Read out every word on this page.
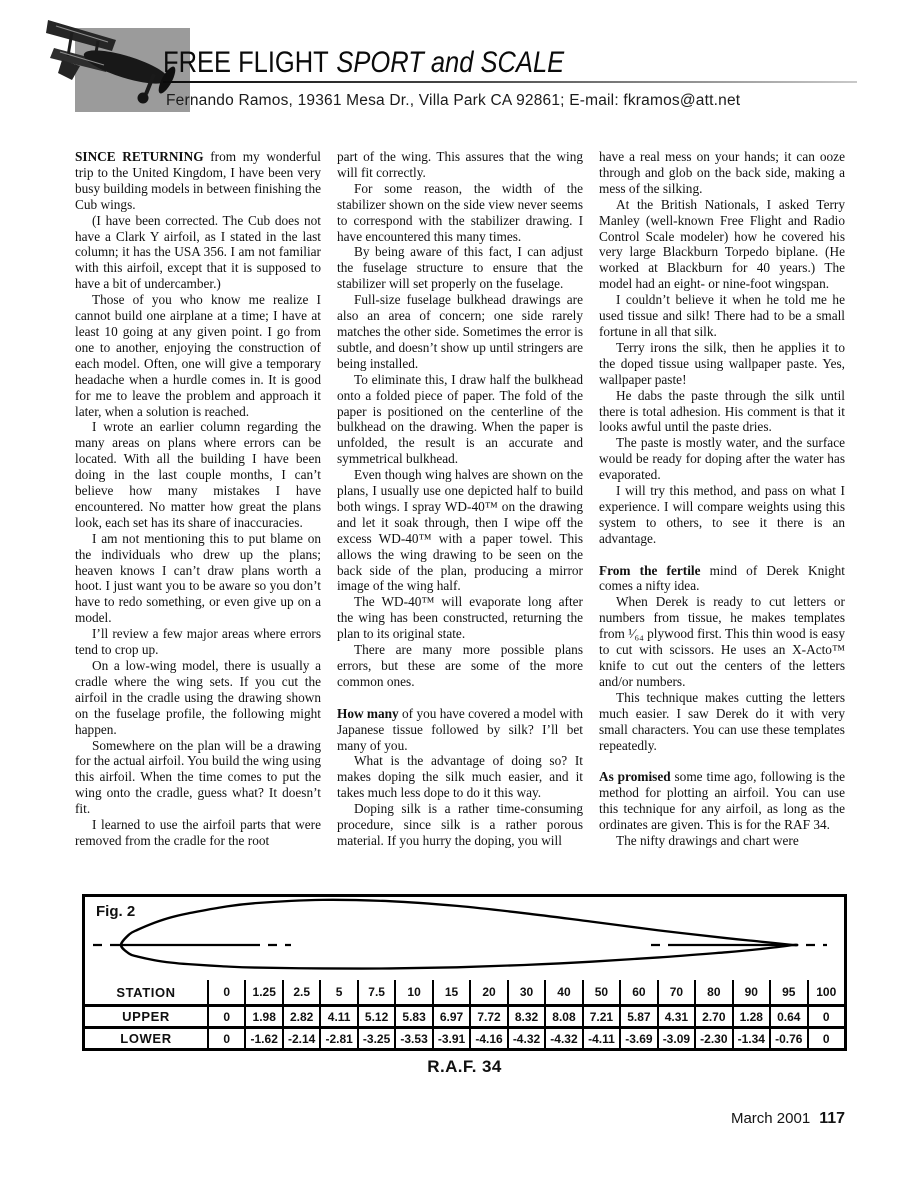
FREE FLIGHT SPORT and SCALE
Fernando Ramos, 19361 Mesa Dr., Villa Park CA 92861; E-mail: fkramos@att.net

SINCE RETURNING from my wonderful trip to the United Kingdom, I have been very busy building models in between finishing the Cub wings.

(I have been corrected. The Cub does not have a Clark Y airfoil, as I stated in the last column; it has the USA 356. I am not familiar with this airfoil, except that it is supposed to have a bit of undercamber.)

Those of you who know me realize I cannot build one airplane at a time; I have at least 10 going at any given point. I go from one to another, enjoying the construction of each model. Often, one will give a temporary headache when a hurdle comes in. It is good for me to leave the problem and approach it later, when a solution is reached.

I wrote an earlier column regarding the many areas on plans where errors can be located. With all the building I have been doing in the last couple months, I can’t believe how many mistakes I have encountered. No matter how great the plans look, each set has its share of inaccuracies.

I am not mentioning this to put blame on the individuals who drew up the plans; heaven knows I can’t draw plans worth a hoot. I just want you to be aware so you don’t have to redo something, or even give up on a model.

I’ll review a few major areas where errors tend to crop up.

On a low-wing model, there is usually a cradle where the wing sets. If you cut the airfoil in the cradle using the drawing shown on the fuselage profile, the following might happen.

Somewhere on the plan will be a drawing for the actual airfoil. You build the wing using this airfoil. When the time comes to put the wing onto the cradle, guess what? It doesn’t fit.

I learned to use the airfoil parts that were removed from the cradle for the root

part of the wing. This assures that the wing will fit correctly.

For some reason, the width of the stabilizer shown on the side view never seems to correspond with the stabilizer drawing. I have encountered this many times.

By being aware of this fact, I can adjust the fuselage structure to ensure that the stabilizer will set properly on the fuselage.

Full-size fuselage bulkhead drawings are also an area of concern; one side rarely matches the other side. Sometimes the error is subtle, and doesn’t show up until stringers are being installed.

To eliminate this, I draw half the bulkhead onto a folded piece of paper. The fold of the paper is positioned on the centerline of the bulkhead on the drawing. When the paper is unfolded, the result is an accurate and symmetrical bulkhead.

Even though wing halves are shown on the plans, I usually use one depicted half to build both wings. I spray WD-40™ on the drawing and let it soak through, then I wipe off the excess WD-40™ with a paper towel. This allows the wing drawing to be seen on the back side of the plan, producing a mirror image of the wing half.

The WD-40™ will evaporate long after the wing has been constructed, returning the plan to its original state.

There are many more possible plans errors, but these are some of the more common ones.

How many of you have covered a model with Japanese tissue followed by silk? I’ll bet many of you.

What is the advantage of doing so? It makes doping the silk much easier, and it takes much less dope to do it this way.

Doping silk is a rather time-consuming procedure, since silk is a rather porous material. If you hurry the doping, you will

have a real mess on your hands; it can ooze through and glob on the back side, making a mess of the silking.

At the British Nationals, I asked Terry Manley (well-known Free Flight and Radio Control Scale modeler) how he covered his very large Blackburn Torpedo biplane. (He worked at Blackburn for 40 years.) The model had an eight- or nine-foot wingspan.

I couldn’t believe it when he told me he used tissue and silk! There had to be a small fortune in all that silk.

Terry irons the silk, then he applies it to the doped tissue using wallpaper paste. Yes, wallpaper paste!

He dabs the paste through the silk until there is total adhesion. His comment is that it looks awful until the paste dries.

The paste is mostly water, and the surface would be ready for doping after the water has evaporated.

I will try this method, and pass on what I experience. I will compare weights using this system to others, to see it there is an advantage.

From the fertile mind of Derek Knight comes a nifty idea.

When Derek is ready to cut letters or numbers from tissue, he makes templates from ¹⁄₆₄ plywood first. This thin wood is easy to cut with scissors. He uses an X-Acto™ knife to cut out the centers of the letters and/or numbers.

This technique makes cutting the letters much easier. I saw Derek do it with very small characters. You can use these templates repeatedly.

As promised some time ago, following is the method for plotting an airfoil. You can use this technique for any airfoil, as long as the ordinates are given. This is for the RAF 34.

The nifty drawings and chart were

Fig. 2
STATION	0	1.25	2.5	5	7.5	10	15	20	30	40	50	60	70	80	90	95	100
UPPER	0	1.98	2.82	4.11	5.12	5.83	6.97	7.72	8.32	8.08	7.21	5.87	4.31	2.70	1.28	0.64	0
LOWER	0	-1.62 -2.14 -2.81 -3.25 -3.53 -3.91 -4.16 -4.32 -4.32 -4.11 -3.69 -3.09 -2.30 -1.34 -0.76	0
R.A.F. 34
March 2001 117
